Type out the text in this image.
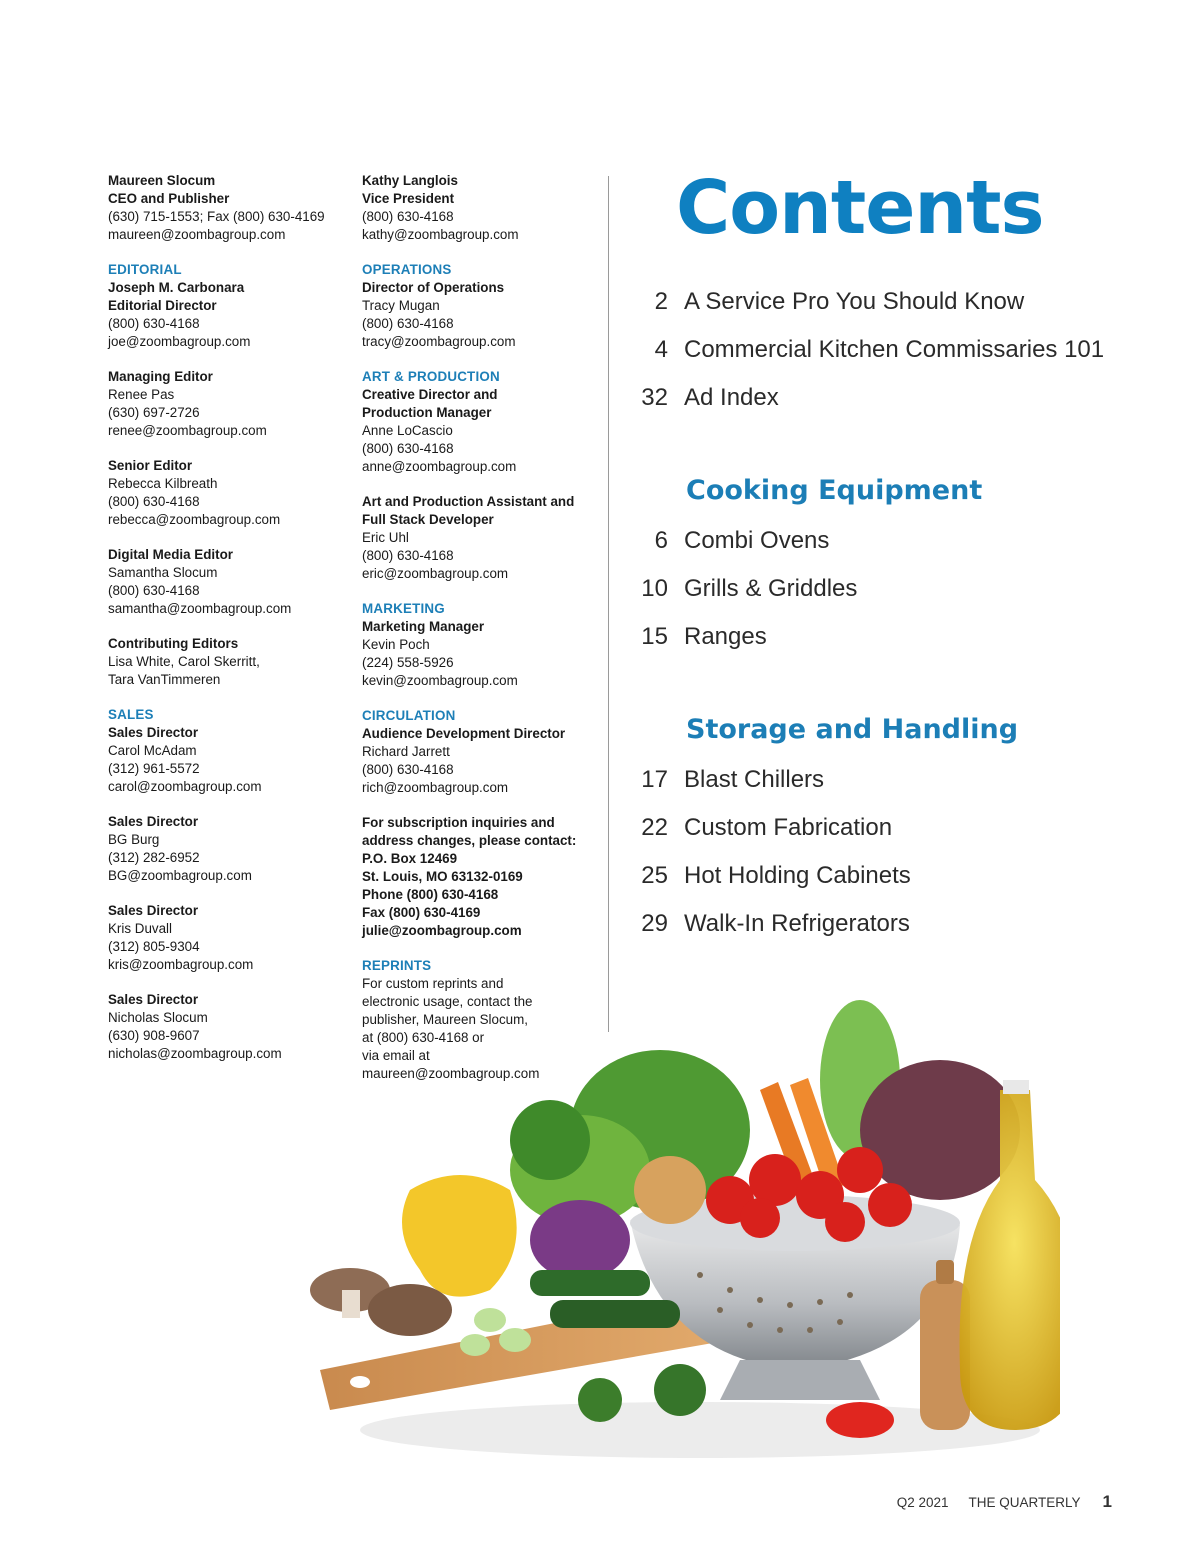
Maureen Slocum
CEO and Publisher
(630) 715-1553; Fax (800) 630-4169
maureen@zoombagroup.com
EDITORIAL
Joseph M. Carbonara
Editorial Director
(800) 630-4168
joe@zoombagroup.com
Managing Editor
Renee Pas
(630) 697-2726
renee@zoombagroup.com
Senior Editor
Rebecca Kilbreath
(800) 630-4168
rebecca@zoombagroup.com
Digital Media Editor
Samantha Slocum
(800) 630-4168
samantha@zoombagroup.com
Contributing Editors
Lisa White, Carol Skerritt,
Tara VanTimmeren
SALES
Sales Director
Carol McAdam
(312) 961-5572
carol@zoombagroup.com
Sales Director
BG Burg
(312) 282-6952
BG@zoombagroup.com
Sales Director
Kris Duvall
(312) 805-9304
kris@zoombagroup.com
Sales Director
Nicholas Slocum
(630) 908-9607
nicholas@zoombagroup.com
Kathy Langlois
Vice President
(800) 630-4168
kathy@zoombagroup.com
OPERATIONS
Director of Operations
Tracy Mugan
(800) 630-4168
tracy@zoombagroup.com
ART & PRODUCTION
Creative Director and
Production Manager
Anne LoCascio
(800) 630-4168
anne@zoombagroup.com
Art and Production Assistant and
Full Stack Developer
Eric Uhl
(800) 630-4168
eric@zoombagroup.com
MARKETING
Marketing Manager
Kevin Poch
(224) 558-5926
kevin@zoombagroup.com
CIRCULATION
Audience Development Director
Richard Jarrett
(800) 630-4168
rich@zoombagroup.com
For subscription inquiries and
address changes, please contact:
P.O. Box 12469
St. Louis, MO 63132-0169
Phone (800) 630-4168
Fax (800) 630-4169
julie@zoombagroup.com
REPRINTS
For custom reprints and
electronic usage, contact the
publisher, Maureen Slocum,
at (800) 630-4168 or
via email at
maureen@zoombagroup.com
Contents
2 A Service Pro You Should Know
4 Commercial Kitchen Commissaries 101
32 Ad Index
Cooking Equipment
6 Combi Ovens
10 Grills & Griddles
15 Ranges
Storage and Handling
17 Blast Chillers
22 Custom Fabrication
25 Hot Holding Cabinets
29 Walk-In Refrigerators
Q2 2021 THE QUARTERLY 1
